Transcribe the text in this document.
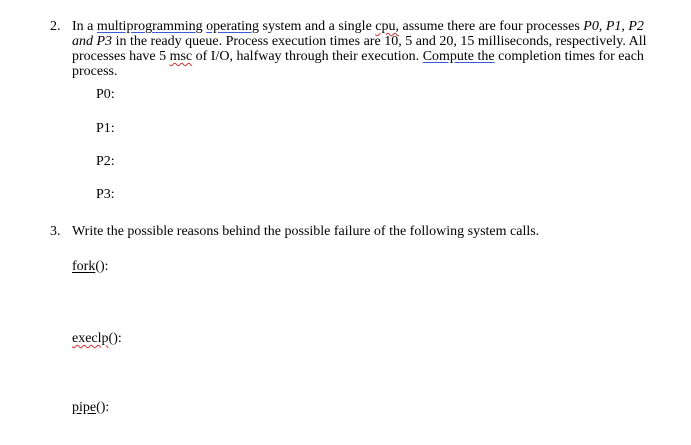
2. In a multiprogramming operating system and a single cpu, assume there are four processes P0, P1, P2
and P3 in the ready queue. Process execution times are 10, 5 and 20, 15 milliseconds, respectively. All
processes have 5 msc of I/O, halfway through their execution. Compute the completion times for each
process.
P0:
P1:
P2:
P3:
3. Write the possible reasons behind the possible failure of the following system calls.
fork():
execlp():
pipe():
